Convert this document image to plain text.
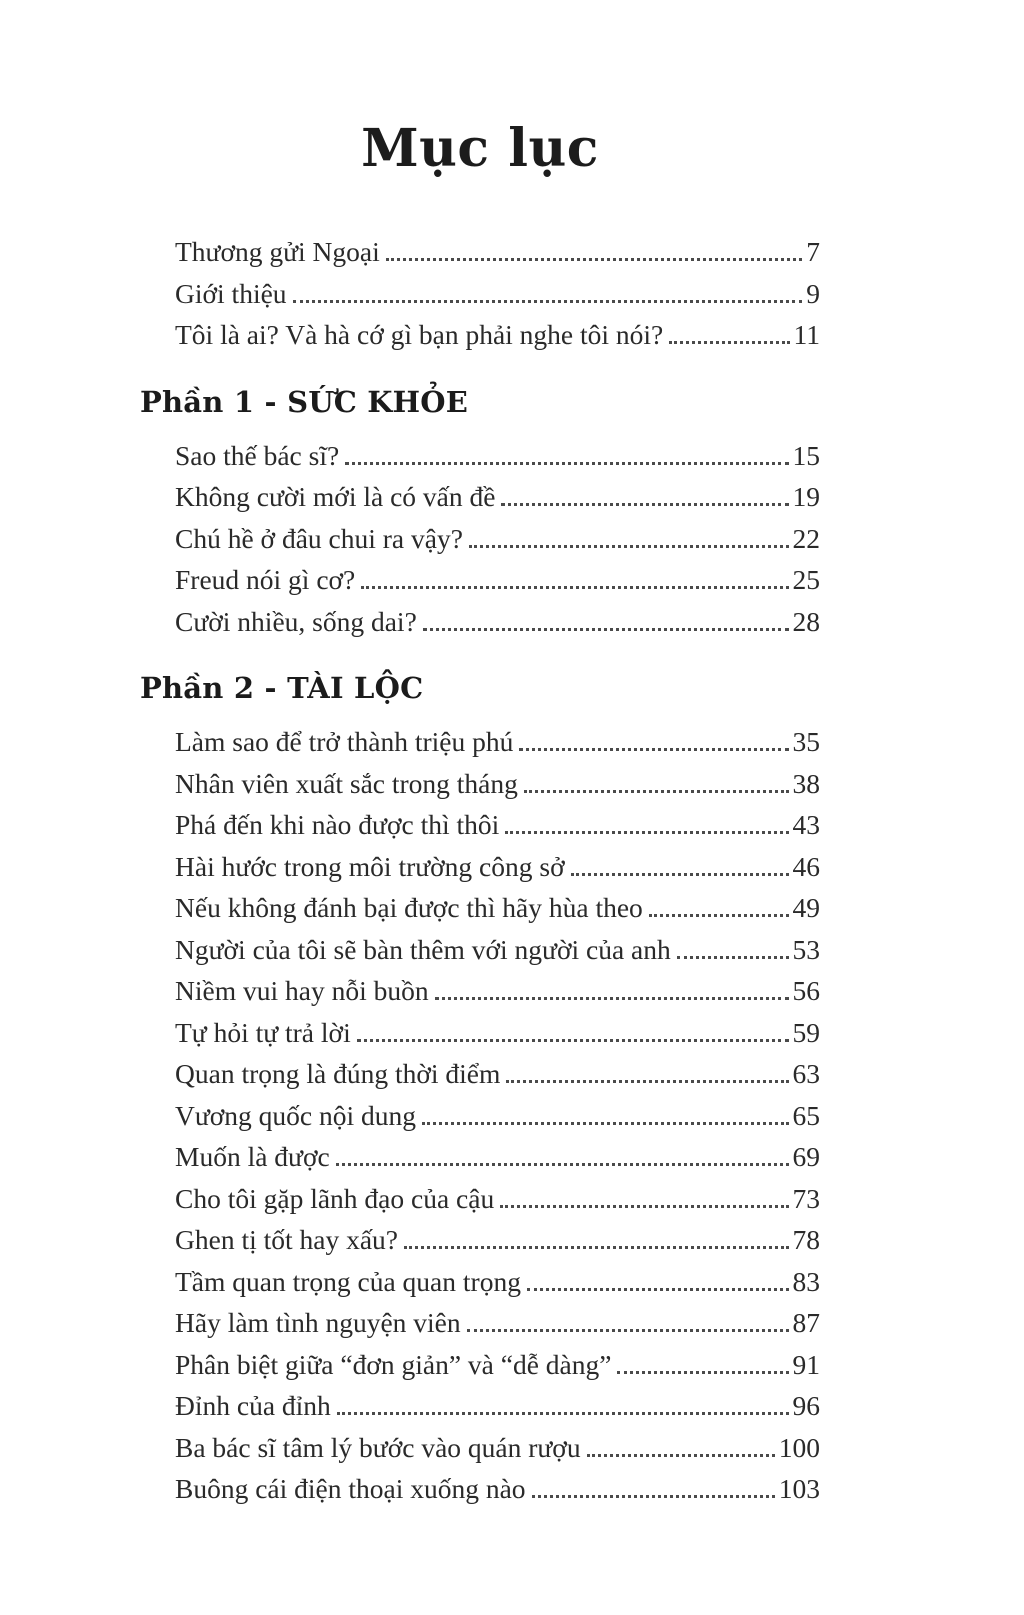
Mục lục
Thương gửi Ngoại	7
Giới thiệu	9
Tôi là ai? Và hà cớ gì bạn phải nghe tôi nói?	11
Phần 1 - SỨC KHỎE
Sao thế bác sĩ?	15
Không cười mới là có vấn đề	19
Chú hề ở đâu chui ra vậy?	22
Freud nói gì cơ?	25
Cười nhiều, sống dai?	28
Phần 2 - TÀI LỘC
Làm sao để trở thành triệu phú	35
Nhân viên xuất sắc trong tháng	38
Phá đến khi nào được thì thôi	43
Hài hước trong môi trường công sở	46
Nếu không đánh bại được thì hãy hùa theo	49
Người của tôi sẽ bàn thêm với người của anh	53
Niềm vui hay nỗi buồn	56
Tự hỏi tự trả lời	59
Quan trọng là đúng thời điểm	63
Vương quốc nội dung	65
Muốn là được	69
Cho tôi gặp lãnh đạo của cậu	73
Ghen tị tốt hay xấu?	78
Tầm quan trọng của quan trọng	83
Hãy làm tình nguyện viên	87
Phân biệt giữa “đơn giản” và “dễ dàng”	91
Đỉnh của đỉnh	96
Ba bác sĩ tâm lý bước vào quán rượu	100
Buông cái điện thoại xuống nào	103
